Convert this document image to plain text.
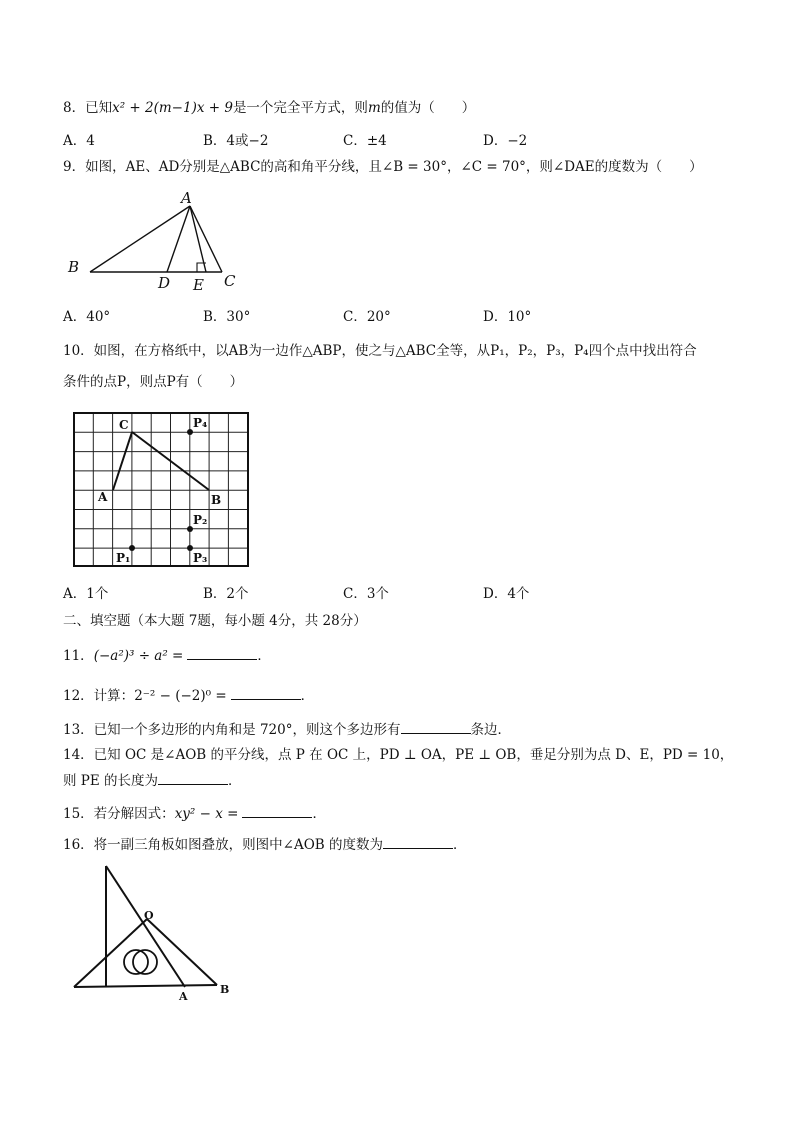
8．已知x² + 2(m−1)x + 9是一个完全平方式，则m的值为（　　）
A．4	B．4或−2	C．±4	D．−2
9．如图，AE、AD分别是△ABC的高和角平分线，且∠B = 30°，∠C = 70°，则∠DAE的度数为（　　）
A
B
C
D E
A．40°	B．30°	C．20°	D．10°
10．如图，在方格纸中，以AB为一边作△ABP，使之与△ABC全等，从P₁，P₂，P₃，P₄四个点中找出符合
条件的点P，则点P有（　　）
C
A	B
P₄
P₂
P₃
P₁
A．1个	B．2个	C．3个	D．4个
二、填空题（本大题 7题，每小题 4分，共 28分）
11．(−a²)³ ÷ a² =	．
12．计算：2⁻² − (−2)⁰ =	．
13．已知一个多边形的内角和是 720°，则这个多边形有	条边．
14．已知 OC 是∠AOB 的平分线，点 P 在 OC 上，PD ⊥ OA，PE ⊥ OB，垂足分别为点 D、E，PD = 10，
则 PE 的长度为	．
15．若分解因式：xy² − x =	．
16．将一副三角板如图叠放，则图中∠AOB 的度数为	．
O
A
B
